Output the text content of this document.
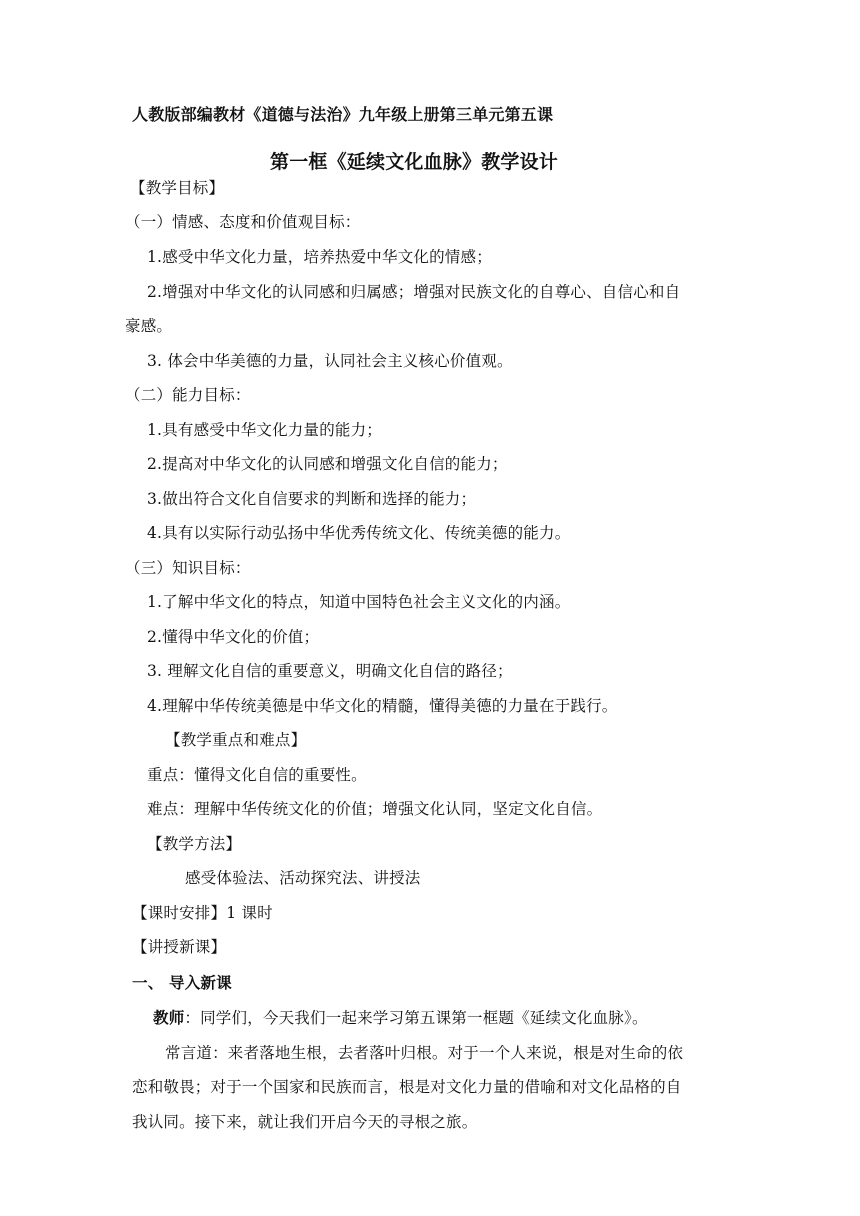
人教版部编教材《道德与法治》九年级上册第三单元第五课
第一框《延续文化血脉》教学设计
【教学目标】
（一）情感、态度和价值观目标：
1.感受中华文化力量，培养热爱中华文化的情感；
2.增强对中华文化的认同感和归属感；增强对民族文化的自尊心、自信心和自
豪感。
3. 体会中华美德的力量，认同社会主义核心价值观。
（二）能力目标：
1.具有感受中华文化力量的能力；
2.提高对中华文化的认同感和增强文化自信的能力；
3.做出符合文化自信要求的判断和选择的能力；
4.具有以实际行动弘扬中华优秀传统文化、传统美德的能力。
（三）知识目标：
1.了解中华文化的特点，知道中国特色社会主义文化的内涵。
2.懂得中华文化的价值；
3. 理解文化自信的重要意义，明确文化自信的路径；
4.理解中华传统美德是中华文化的精髓，懂得美德的力量在于践行。
【教学重点和难点】
重点：懂得文化自信的重要性。
难点：理解中华传统文化的价值；增强文化认同，坚定文化自信。
【教学方法】
感受体验法、活动探究法、讲授法
【课时安排】1 课时
【讲授新课】
一、 导入新课
教师：同学们，今天我们一起来学习第五课第一框题《延续文化血脉》。
常言道：来者落地生根，去者落叶归根。对于一个人来说，根是对生命的依
恋和敬畏；对于一个国家和民族而言，根是对文化力量的借喻和对文化品格的自
我认同。接下来，就让我们开启今天的寻根之旅。
